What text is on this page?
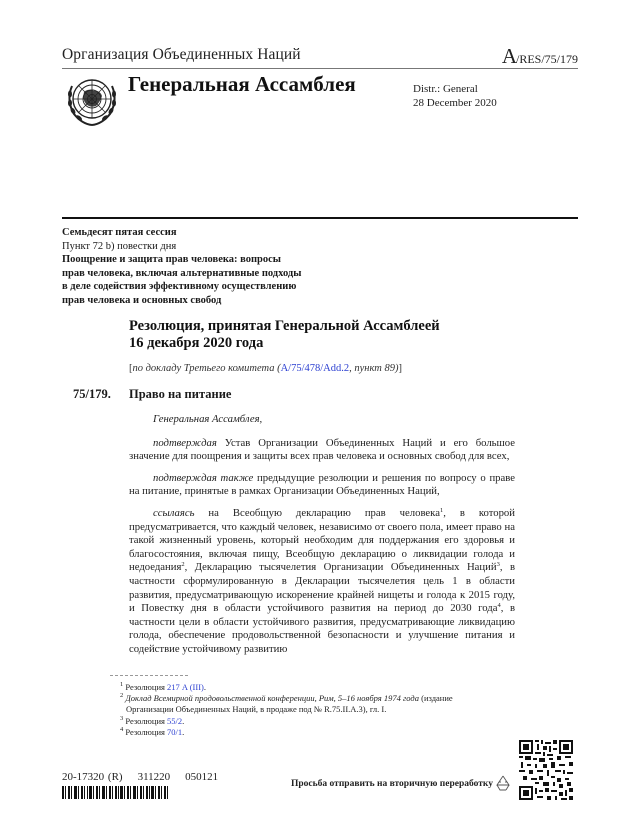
Организация Объединенных Наций	A/RES/75/179
Генеральная Ассамблея	Distr.: General
28 December 2020
Семьдесят пятая сессия
Пункт 72 b) повестки дня
Поощрение и защита прав человека: вопросы
прав человека, включая альтернативные подходы
в деле содействия эффективному осуществлению
прав человека и основных свобод
Резолюция, принятая Генеральной Ассамблеей
16 декабря 2020 года
[по докладу Третьего комитета (A/75/478/Add.2, пункт 89)]
75/179. Право на питание

Генеральная Ассамблея,

подтверждая Устав Организации Объединенных Наций и его большое значение для поощрения и защиты всех прав человека и основных свобод для всех,

подтверждая также предыдущие резолюции и решения по вопросу о праве на питание, принятые в рамках Организации Объединенных Наций,

ссылаясь на Всеобщую декларацию прав человека$^1$, в которой предусматривается, что каждый человек, независимо от своего пола, имеет право на такой жизненный уровень, который необходим для поддержания его здоровья и благосостояния, включая пищу, Всеобщую декларацию о ликвидации голода и недоедания$^2$, Декларацию тысячелетия Организации Объединенных Наций$^3$, в частности сформулированную в Декларации тысячелетия цель 1 в области развития, предусматривающую искоренение крайней нищеты и голода к 2015 году, и Повестку дня в области устойчивого развития на период до 2030 года$^4$, в частности цели в области устойчивого развития, предусматривающие ликвидацию голода, обеспечение продовольственной безопасности и улучшение питания и содействие устойчивому развитию

$^1$ Резолюция 217 A (III).
$^2$ Доклад Всемирной продовольственной конференции, Рим, 5–16 ноября 1974 года (издание
Организации Объединенных Наций, в продаже под № R.75.II.A.3), гл. I.
$^3$ Резолюция 55/2.
$^4$ Резолюция 70/1.
20-17320 (R)    311220    050121
Просьба отправить на вторичную переработку
